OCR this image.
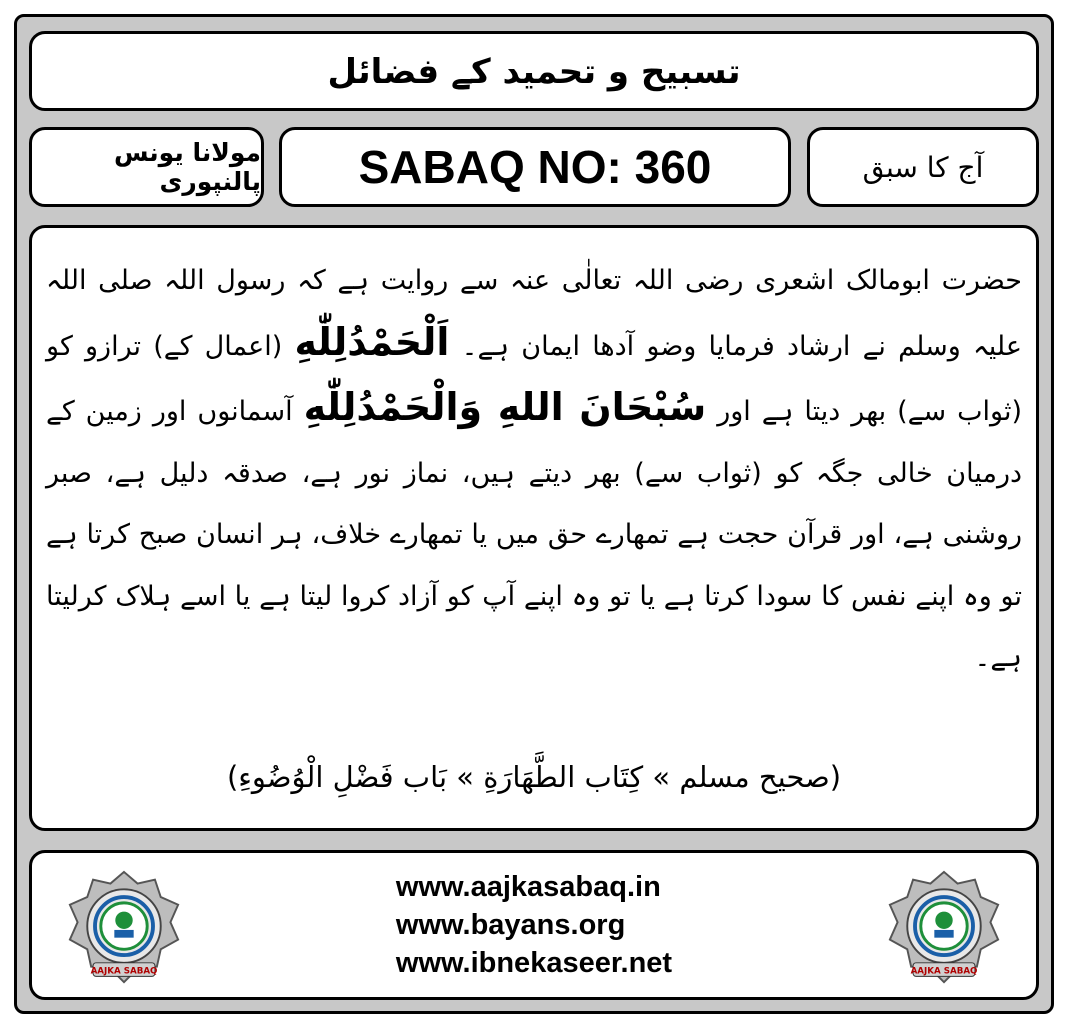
تسبیح و تحمید کے فضائل
مولانا یونس پالنپوری SABAQ NO: 360	آج کا سبق

حضرت ابومالک اشعری رضی اللہ تعالٰی عنہ سے روایت ہے کہ رسول اللہ صلی اللہ علیہ وسلم نے ارشاد فرمایا وضو آدھا ایمان ہے۔ اَلْحَمْدُلِلّٰهِ (اعمال کے) ترازو کو (ثواب سے) بھر دیتا ہے اور سُبْحَانَ اللهِ وَالْحَمْدُلِلّٰهِ آسمانوں اور زمین کے درمیان خالی جگہ کو (ثواب سے) بھر دیتے ہیں، نماز نور ہے، صدقہ دلیل ہے، صبر روشنی ہے، اور قرآن حجت ہے تمھارے حق میں یا تمھارے خلاف، ہر انسان صبح کرتا ہے تو وہ اپنے نفس کا سودا کرتا ہے یا تو وہ اپنے آپ کو آزاد کروا لیتا ہے یا اسے ہلاک کرلیتا ہے۔

(صحیح مسلم » كِتَاب الطَّهَارَةِ » بَاب فَضْلِ الْوُضُوءِ)
AAJKA SABAQ
www.aajkasabaq.in
www.bayans.org
www.ibnekaseer.net	AAJKA SABAQ
